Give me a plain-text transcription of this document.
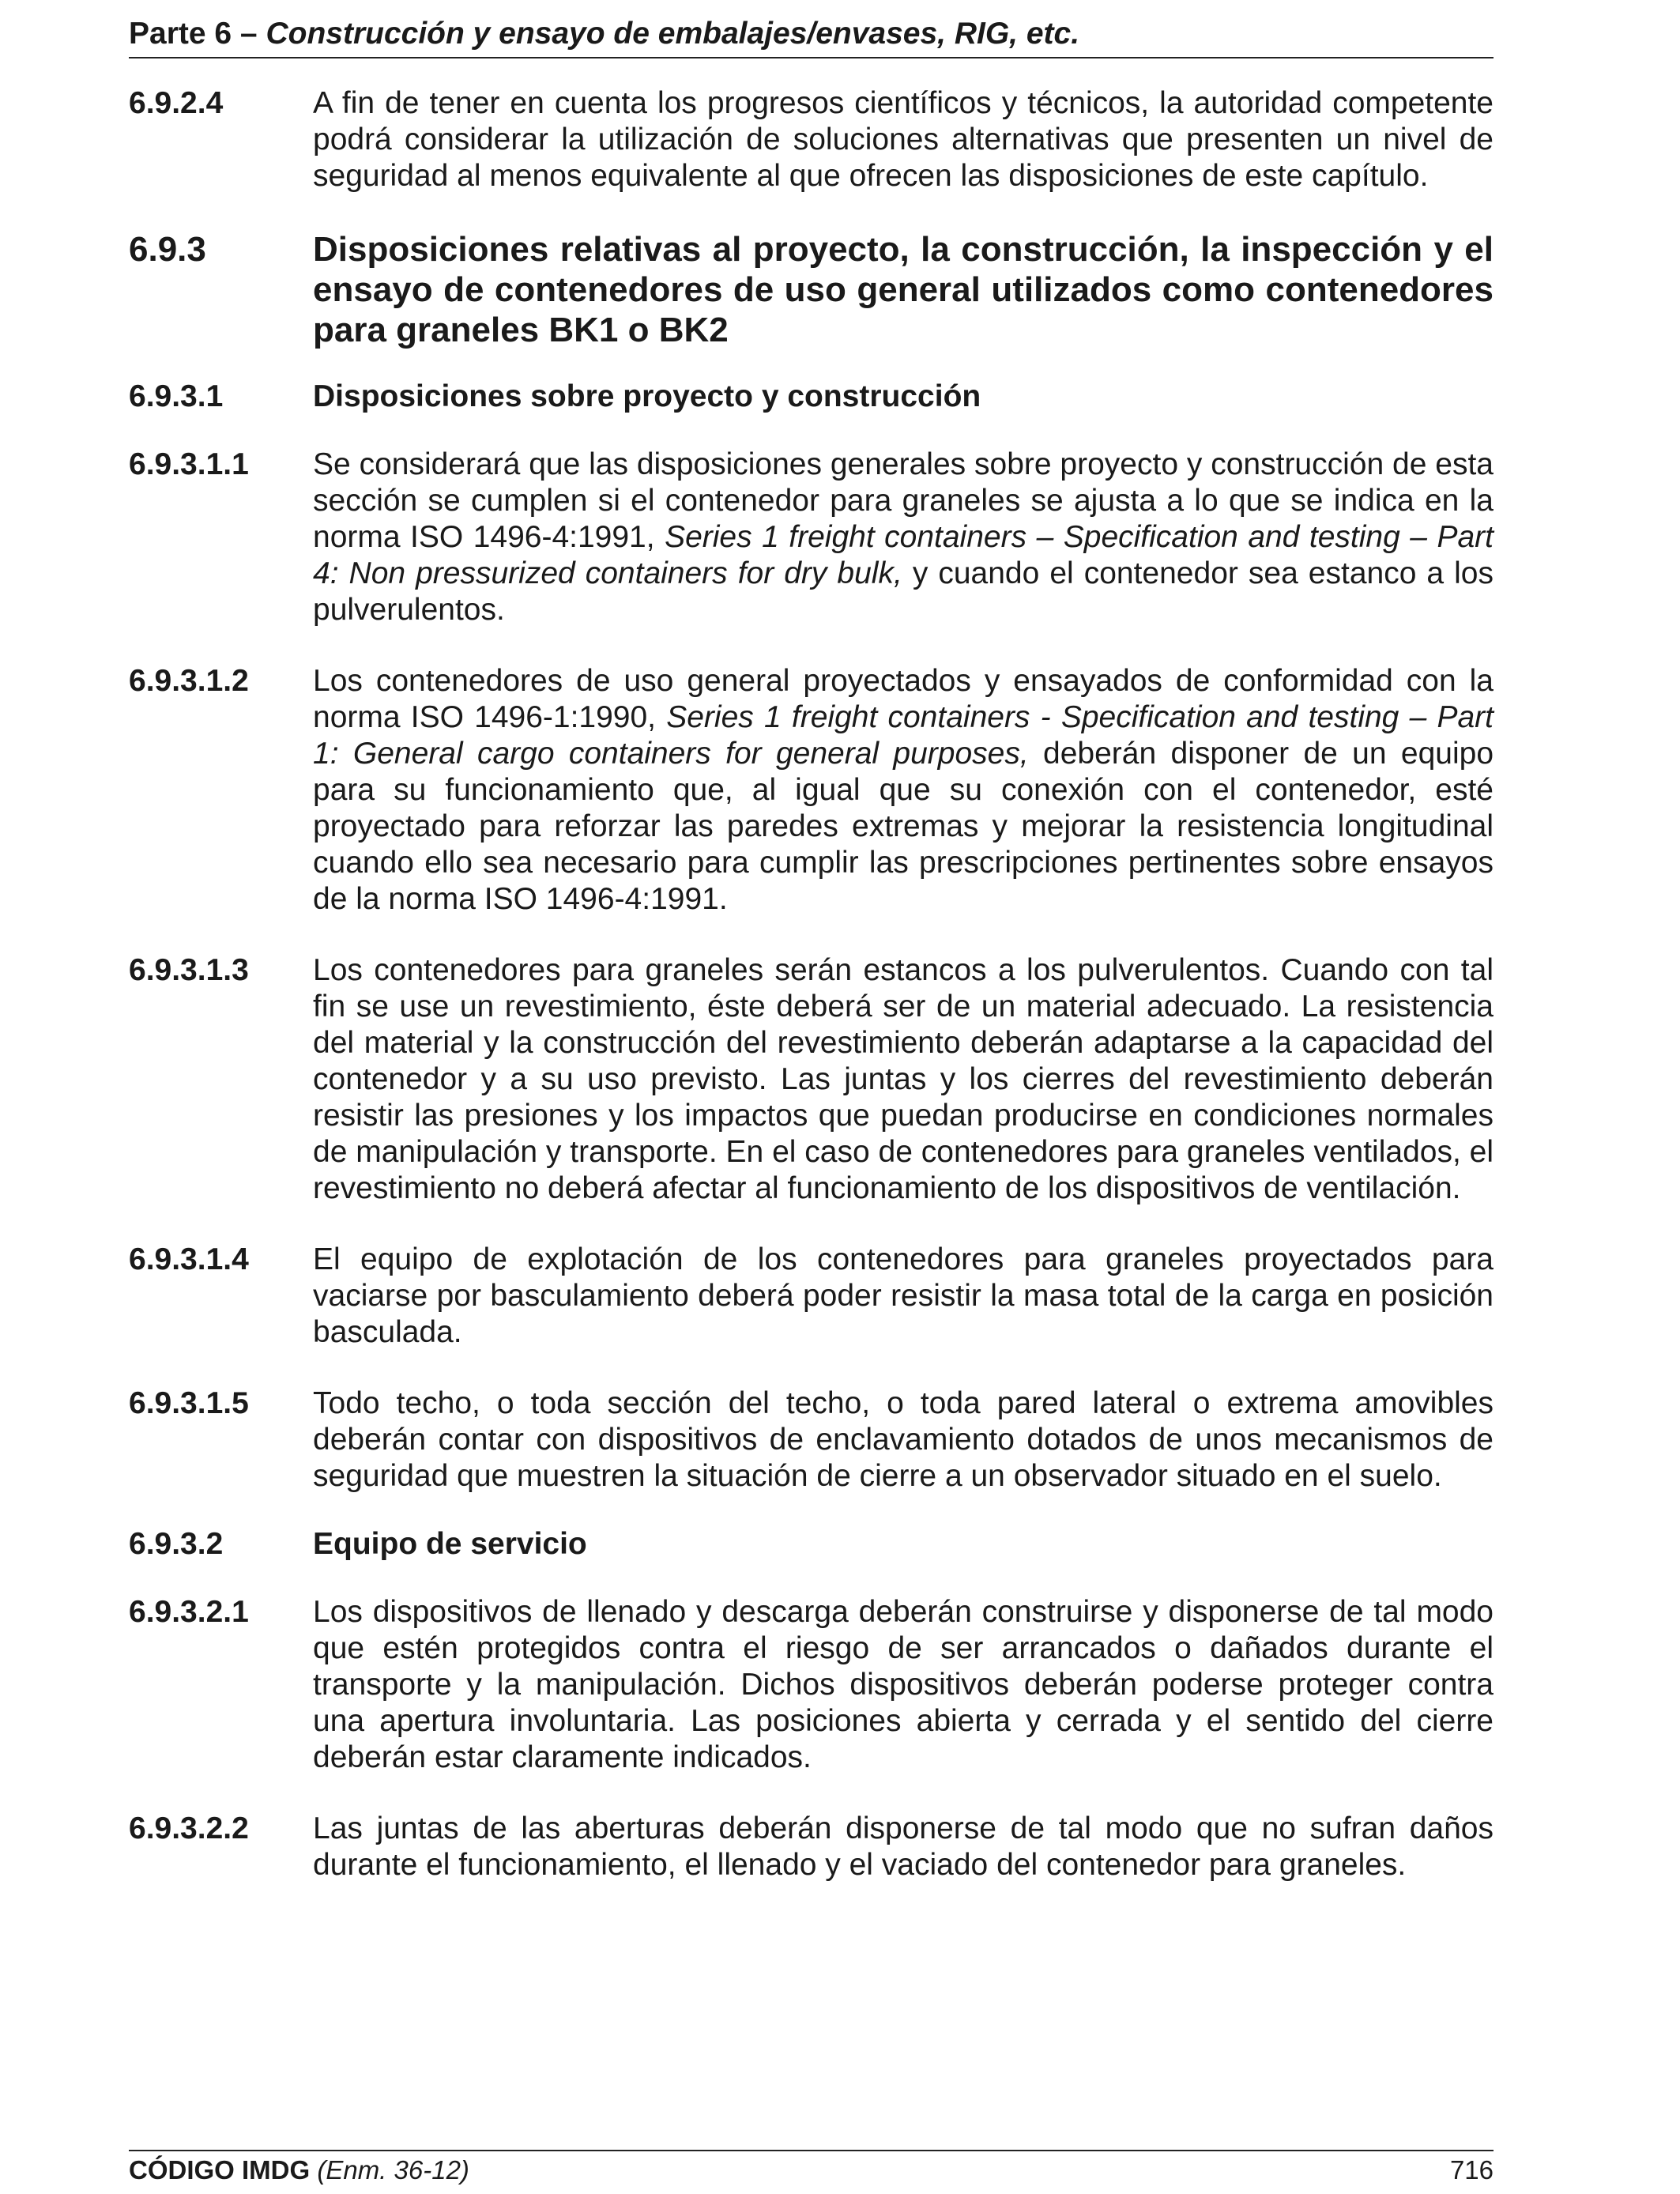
Parte 6 – Construcción y ensayo de embalajes/envases, RIG, etc.
6.9.2.4	A fin de tener en cuenta los progresos científicos y técnicos, la autoridad competente podrá considerar la utilización de soluciones alternativas que presenten un nivel de seguridad al menos equivalente al que ofrecen las disposiciones de este capítulo.
6.9.3	Disposiciones relativas al proyecto, la construcción, la inspección y el ensayo de contenedores de uso general utilizados como contenedores para graneles BK1 o BK2
6.9.3.1	Disposiciones sobre proyecto y construcción
6.9.3.1.1	Se considerará que las disposiciones generales sobre proyecto y construcción de esta sección se cumplen si el contenedor para graneles se ajusta a lo que se indica en la norma ISO 1496-4:1991, Series 1 freight containers – Specification and testing – Part 4: Non pressurized containers for dry bulk, y cuando el contenedor sea estanco a los pulverulentos.
6.9.3.1.2	Los contenedores de uso general proyectados y ensayados de conformidad con la norma ISO 1496-1:1990, Series 1 freight containers - Specification and testing – Part 1: General cargo containers for general purposes, deberán disponer de un equipo para su funcionamiento que, al igual que su conexión con el contenedor, esté proyectado para reforzar las paredes extremas y mejorar la resistencia longitudinal cuando ello sea necesario para cumplir las prescripciones pertinentes sobre ensayos de la norma ISO 1496-4:1991.
6.9.3.1.3	Los contenedores para graneles serán estancos a los pulverulentos. Cuando con tal fin se use un revestimiento, éste deberá ser de un material adecuado. La resistencia del material y la construcción del revestimiento deberán adaptarse a la capacidad del contenedor y a su uso previsto. Las juntas y los cierres del revestimiento deberán resistir las presiones y los impactos que puedan producirse en condiciones normales de manipulación y transporte. En el caso de contenedores para graneles ventilados, el revestimiento no deberá afectar al funcionamiento de los dispositivos de ventilación.
6.9.3.1.4	El equipo de explotación de los contenedores para graneles proyectados para vaciarse por basculamiento deberá poder resistir la masa total de la carga en posición basculada.
6.9.3.1.5	Todo techo, o toda sección del techo, o toda pared lateral o extrema amovibles deberán contar con dispositivos de enclavamiento dotados de unos mecanismos de seguridad que muestren la situación de cierre a un observador situado en el suelo.
6.9.3.2	Equipo de servicio
6.9.3.2.1	Los dispositivos de llenado y descarga deberán construirse y disponerse de tal modo que estén protegidos contra el riesgo de ser arrancados o dañados durante el transporte y la manipulación. Dichos dispositivos deberán poderse proteger contra una apertura involuntaria. Las posiciones abierta y cerrada y el sentido del cierre deberán estar claramente indicados.
6.9.3.2.2	Las juntas de las aberturas deberán disponerse de tal modo que no sufran daños durante el funcionamiento, el llenado y el vaciado del contenedor para graneles.
CÓDIGO IMDG (Enm. 36-12)	716
